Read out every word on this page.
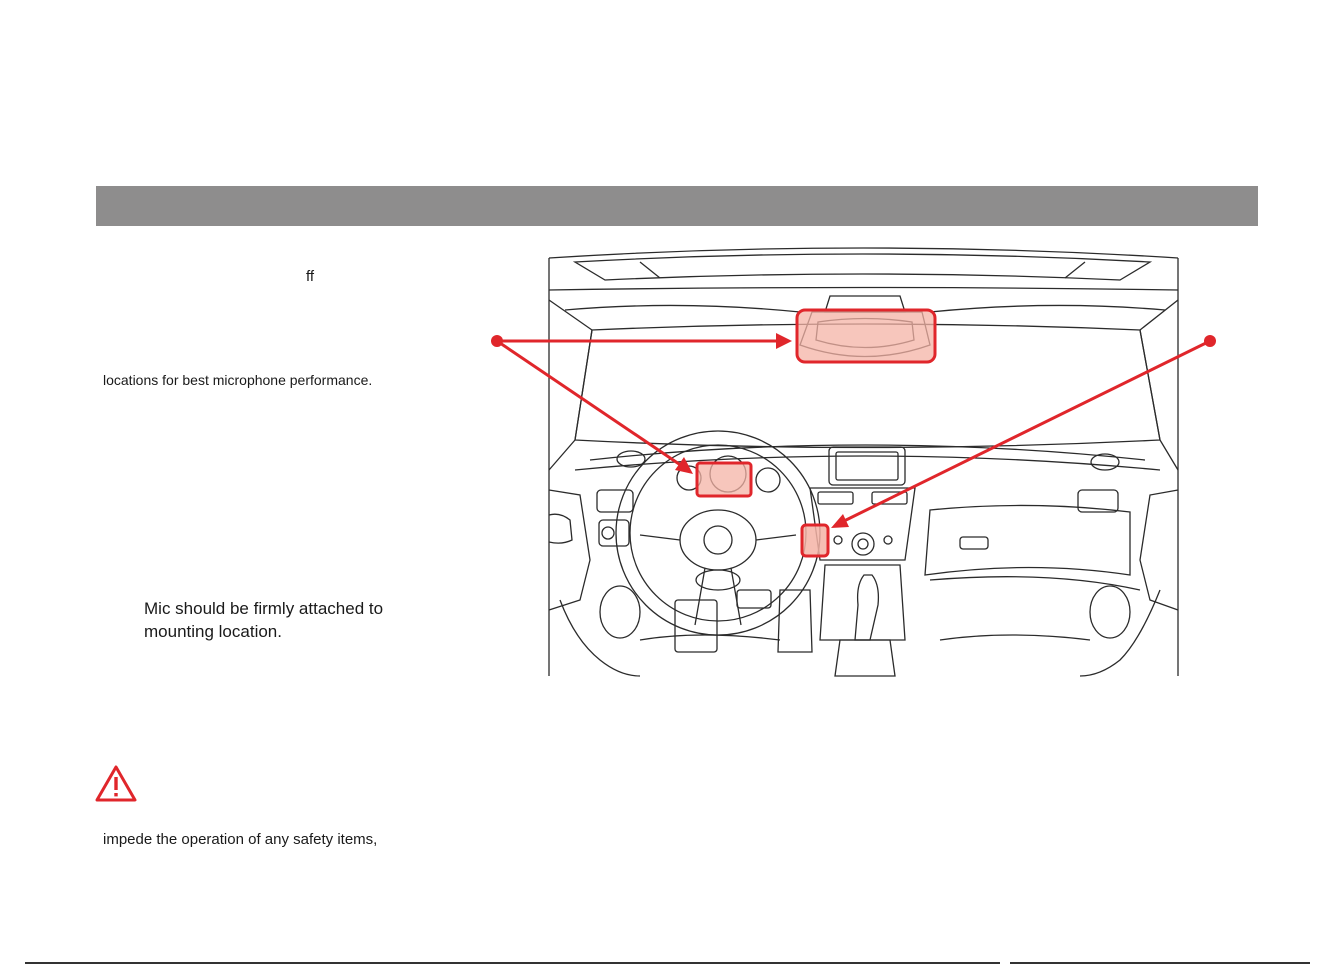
ff
locations for best microphone performance.
Mic should be firmly attached to
mounting location.
impede the operation of any safety items,
